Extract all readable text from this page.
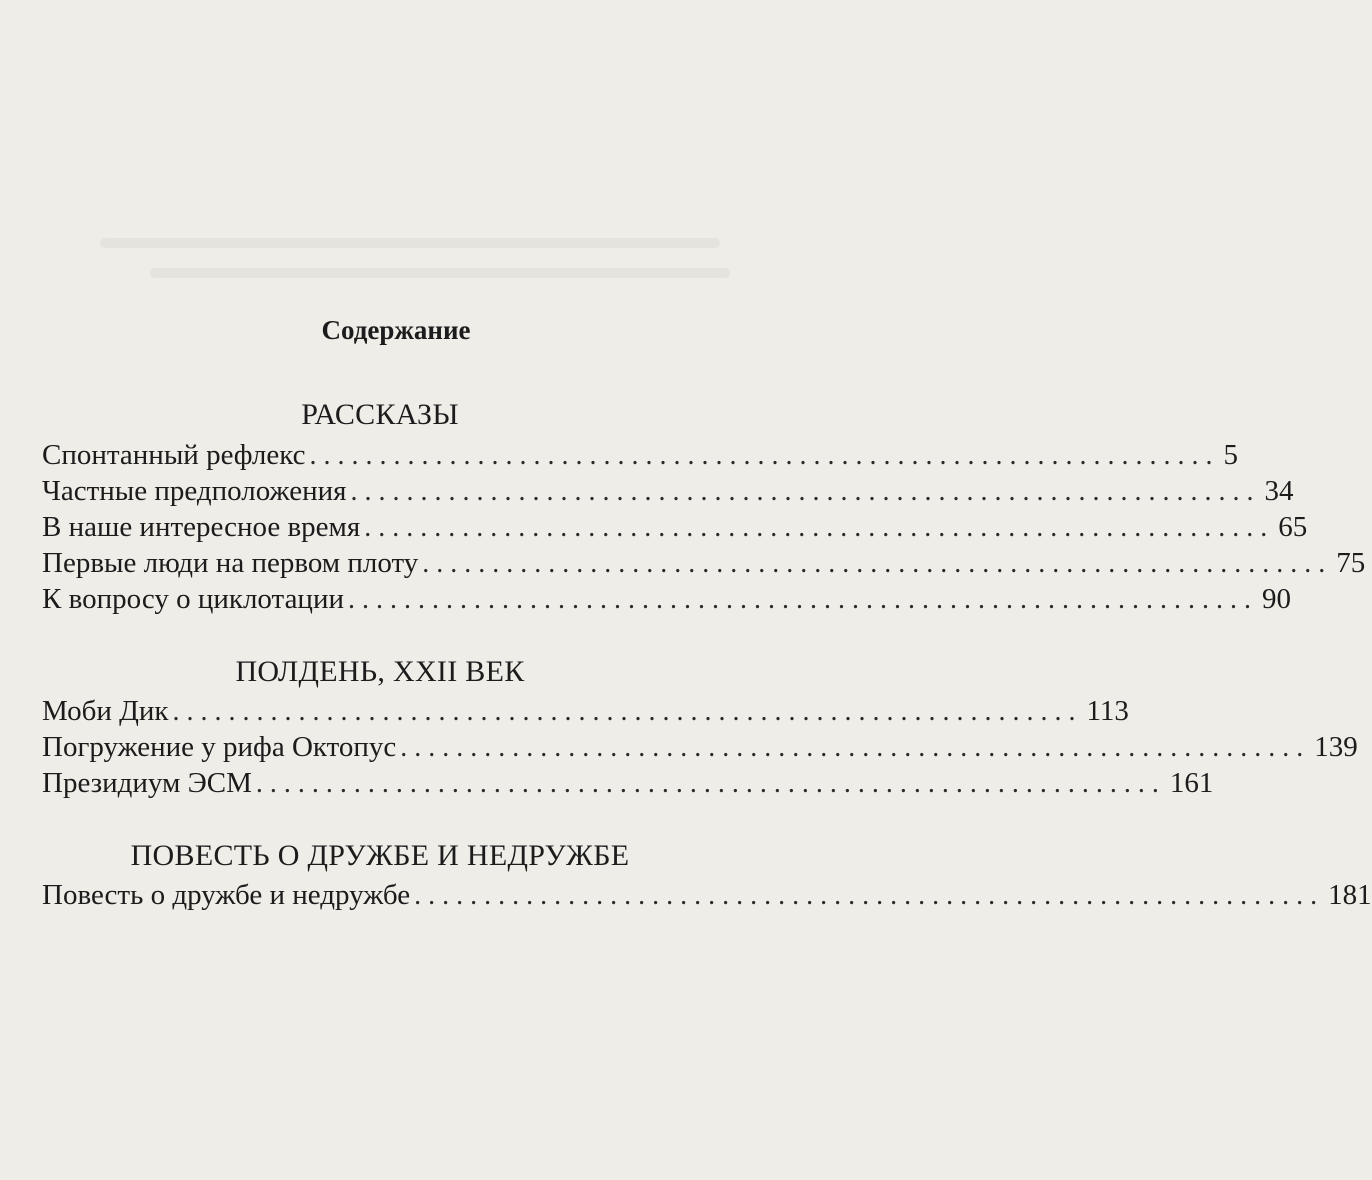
Содержание
РАССКАЗЫ
Спонтанный рефлекс ................................................................. 5
Частные предположения ................................................................. 34
В наше интересное время ................................................................. 65
Первые люди на первом плоту ................................................................. 75
К вопросу о циклотации ................................................................. 90
ПОЛДЕНЬ, XXII ВЕК
Моби Дик ................................................................. 113
Погружение у рифа Октопус ................................................................. 139
Президиум ЭСМ ................................................................. 161
ПОВЕСТЬ О ДРУЖБЕ И НЕДРУЖБЕ
Повесть о дружбе и недружбе ................................................................. 181
